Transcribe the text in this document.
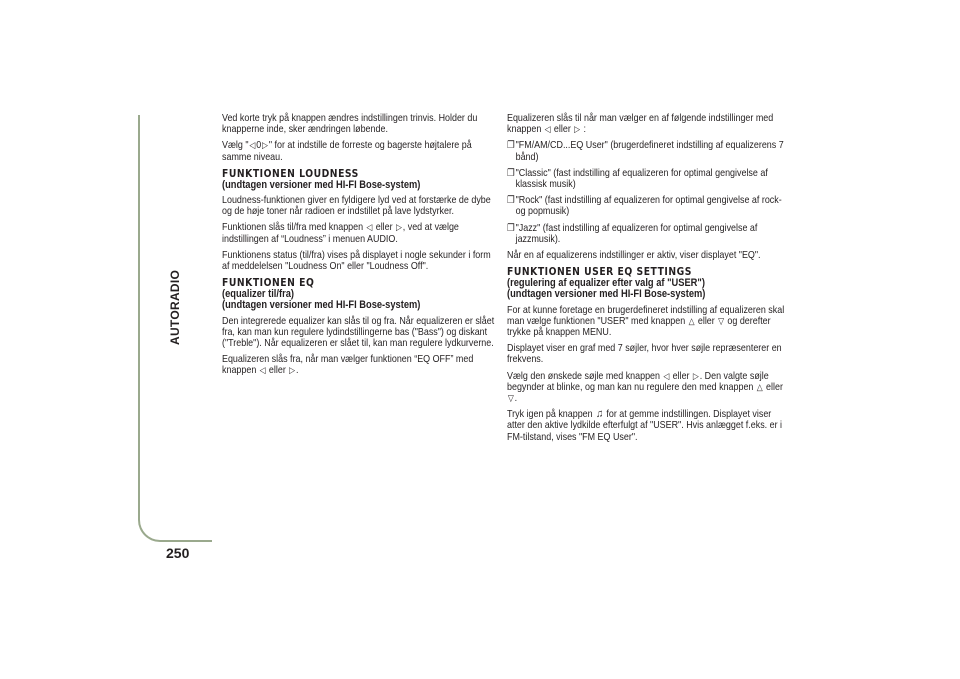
AUTORADIO
250

Ved korte tryk på knappen ændres indstillingen trinvis. Holder du knapperne inde, sker ændringen løbende.

Vælg "◁0▷" for at indstille de forreste og bagerste højtalere på samme niveau.

FUNKTIONEN LOUDNESS
(undtagen versioner med HI-FI Bose-system)

Loudness-funktionen giver en fyldigere lyd ved at forstærke de dybe og de høje toner når radioen er indstillet på lave lydstyrker.

Funktionen slås til/fra med knappen ◁ eller ▷, ved at vælge indstillingen af “Loudness” i menuen AUDIO.

Funktionens status (til/fra) vises på displayet i nogle sekunder i form af meddelelsen "Loudness On" eller "Loudness Off".

FUNKTIONEN EQ
(equalizer til/fra)
(undtagen versioner med HI-FI Bose-system)

Den integrerede equalizer kan slås til og fra. Når equalizeren er slået fra, kan man kun regulere lydindstillingerne bas ("Bass") og diskant ("Treble"). Når equalizeren er slået til, kan man regulere lydkurverne.

Equalizeren slås fra, når man vælger funktionen “EQ OFF” med knappen ◁ eller ▷.

Equalizeren slås til når man vælger en af følgende indstillinger med knappen ◁ eller ▷ :

❐ "FM/AM/CD...EQ User" (brugerdefineret indstilling af equalizerens 7 bånd)

❐ "Classic" (fast indstilling af equalizeren for optimal gengivelse af klassisk musik)

❐ "Rock" (fast indstilling af equalizeren for optimal gengivelse af rock- og popmusik)

❐ "Jazz" (fast indstilling af equalizeren for optimal gengivelse af jazzmusik).

Når en af equalizerens indstillinger er aktiv, viser displayet "EQ".

FUNKTIONEN USER EQ SETTINGS
(regulering af equalizer efter valg af "USER")
(undtagen versioner med HI-FI Bose-system)

For at kunne foretage en brugerdefineret indstilling af equalizeren skal man vælge funktionen "USER" med knappen △ eller ▽ og derefter trykke på knappen MENU.

Displayet viser en graf med 7 søjler, hvor hver søjle repræsenterer en frekvens.

Vælg den ønskede søjle med knappen ◁ eller ▷. Den valgte søjle begynder at blinke, og man kan nu regulere den med knappen △ eller ▽.

Tryk igen på knappen ♫ for at gemme indstillingen. Displayet viser atter den aktive lydkilde efterfulgt af "USER". Hvis anlægget f.eks. er i FM-tilstand, vises "FM EQ User".
